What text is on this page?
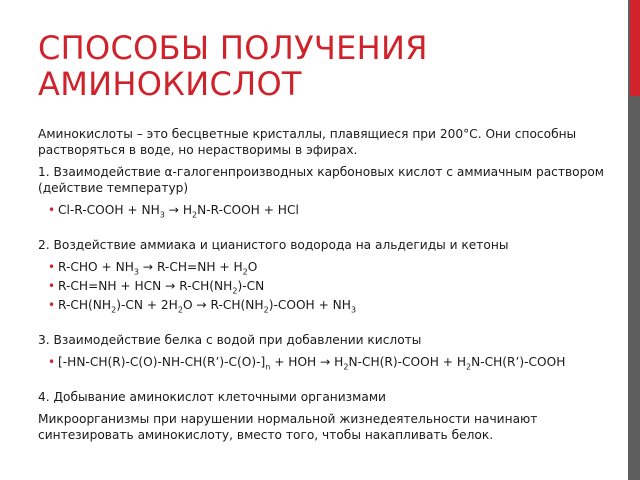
СПОСОБЫ ПОЛУЧЕНИЯ
АМИНОКИСЛОТ

Аминокислоты – это бесцветные кристаллы, плавящиеся при 200°С. Они способны растворяться в воде, но нерастворимы в эфирах.

1. Взаимодействие α-галогенпроизводных карбоновых кислот с аммиачным раствором (действие температур)

• Cl-R-COOH + $NH_3$ → $H_2N-R$-COOH + HCl

2. Воздействие аммиака и цианистого водорода на альдегиды и кетоны

• $R-CHO + NH_3 \to R-CH=NH + H_2O$
• R-CH=NH + HCN → $R-CH(NH_2)-CN$
• $R-CH(NH_2)-CN + 2H_2O$ → $R-CH(NH_2)$-COOH + $NH_3$

3. Взаимодействие белка с водой при добавлении кислоты

• $[-HN-CH(R)-C(O)-NH-CH(R’)-C(O)-]_n$ + HOH → $H_2N-CH(R)$-COOH + $H_2N-CH(R’)$-COOH

4. Добывание аминокислот клеточными организмами

Микроорганизмы при нарушении нормальной жизнедеятельности начинают синтезировать аминокислоту, вместо того, чтобы накапливать белок.
